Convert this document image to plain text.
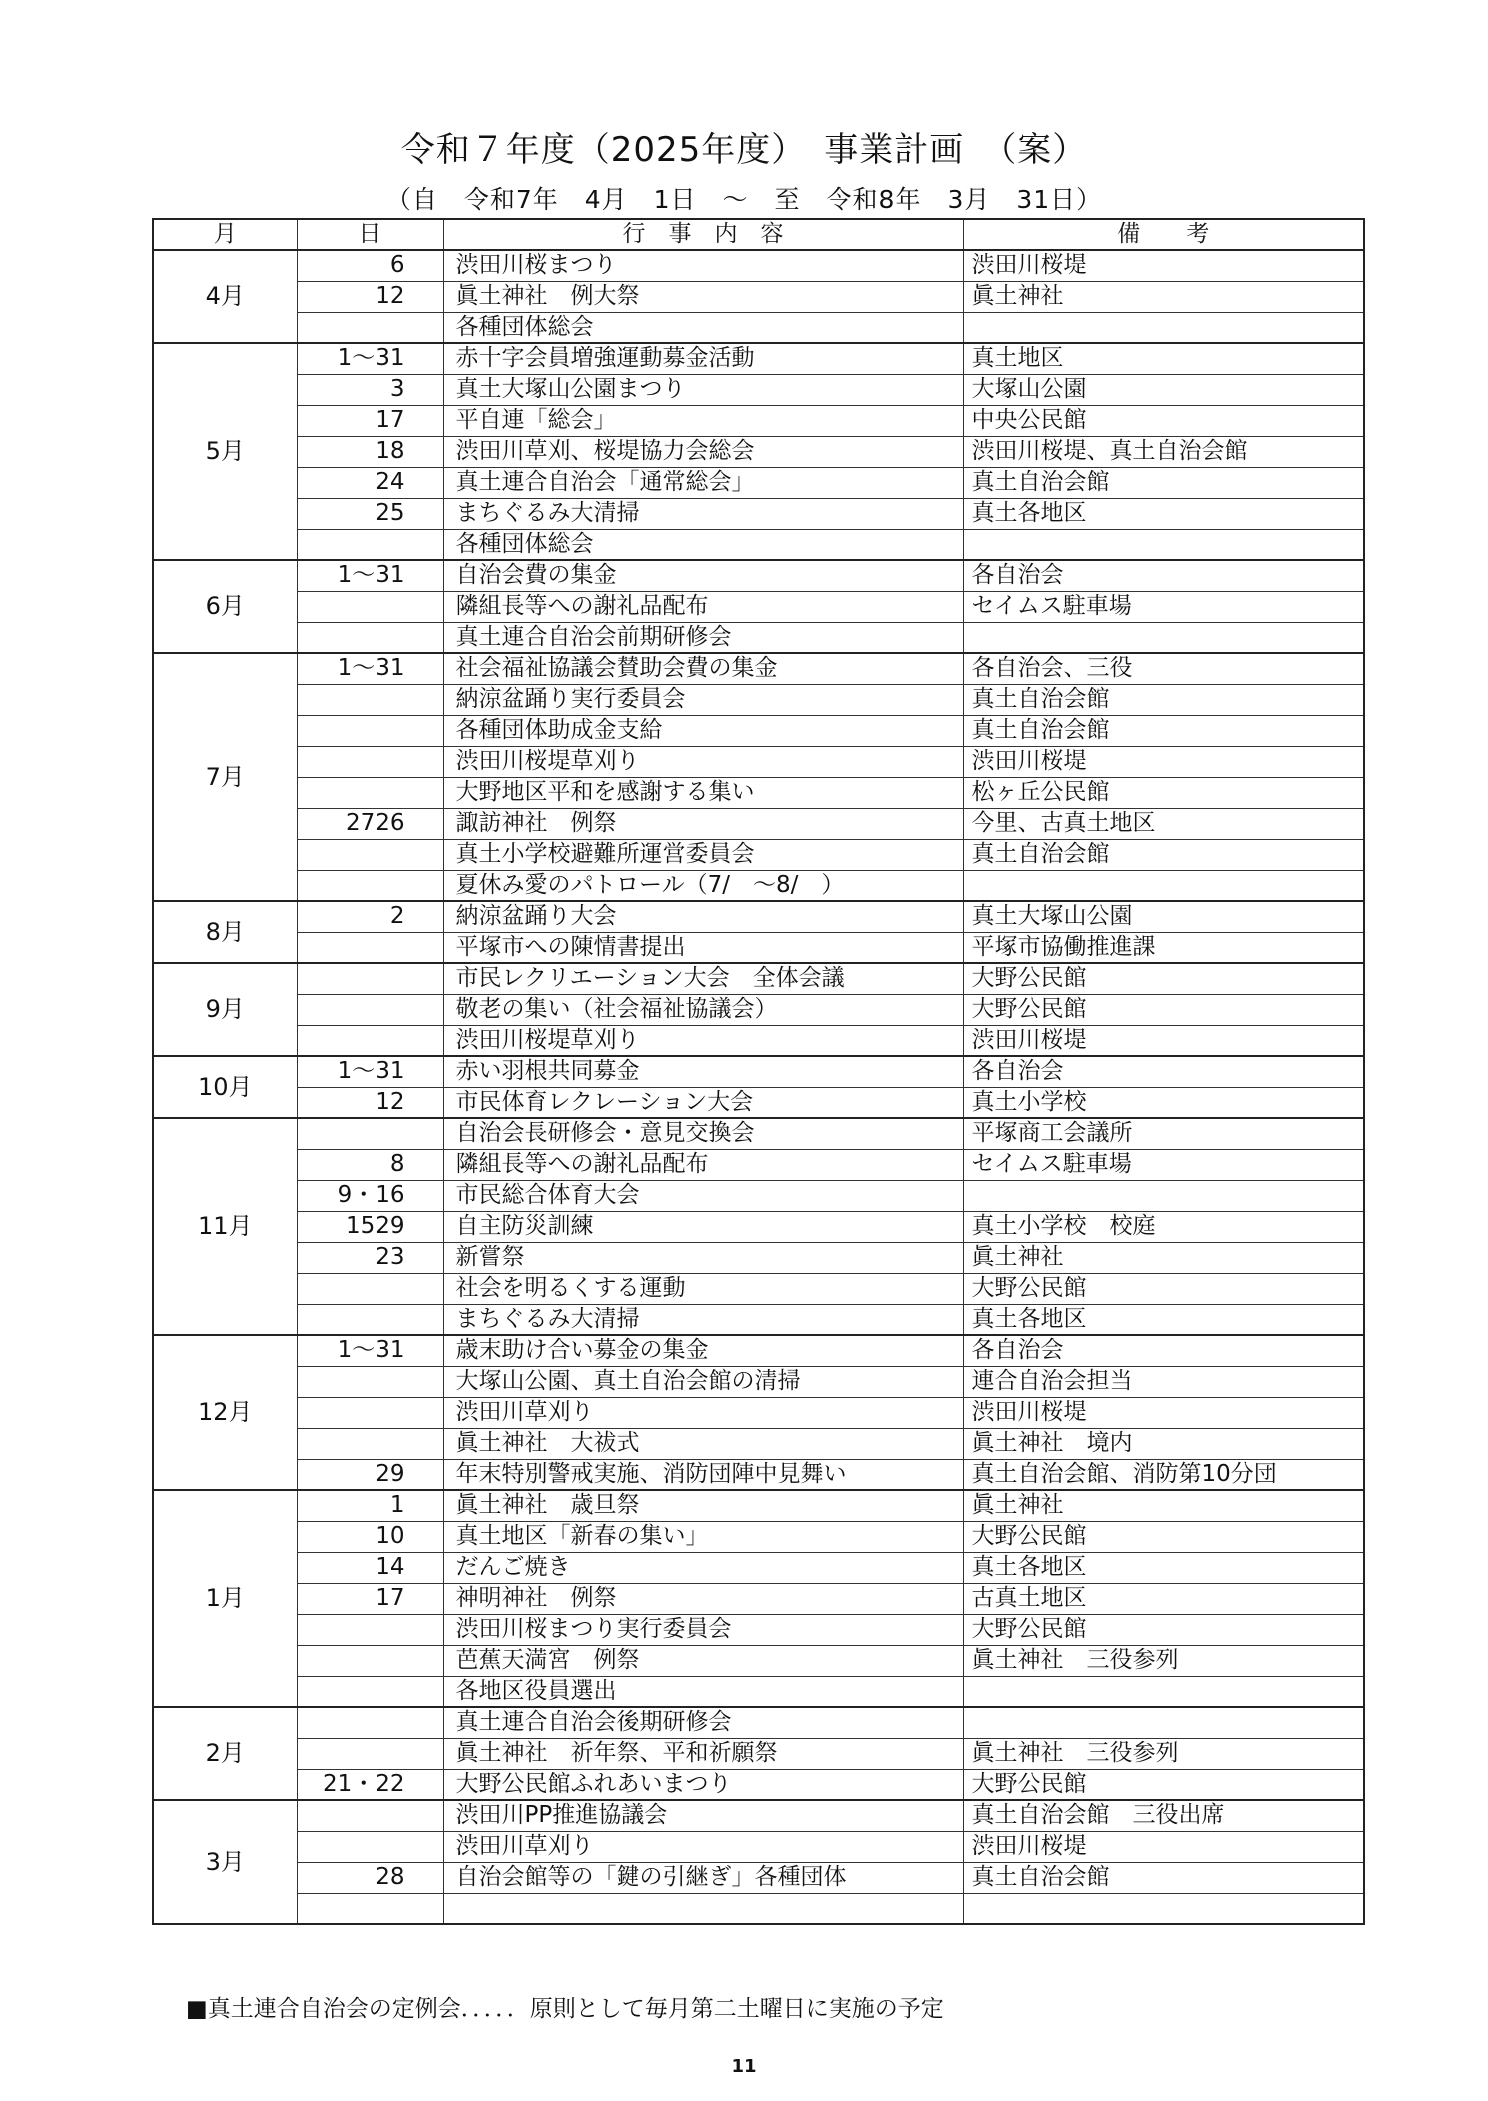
令和７年度（2025年度）　事業計画　（案）
（自　令和7年　4月　1日　～　至　令和8年　3月　31日）
月	日	行　事　内　容	備　　考
4月	6	渋田川桜まつり	渋田川桜堤
	12	眞土神社　例大祭	眞土神社
		各種団体総会	
5月	1～31	赤十字会員増強運動募金活動	真土地区
	3	真土大塚山公園まつり	大塚山公園
	17	平自連「総会」	中央公民館
	18	渋田川草刈、桜堤協力会総会	渋田川桜堤、真土自治会館
	24	真土連合自治会「通常総会」	真土自治会館
	25	まちぐるみ大清掃	真土各地区
		各種団体総会	
6月	1～31	自治会費の集金	各自治会
		隣組長等への謝礼品配布	セイムス駐車場
		真土連合自治会前期研修会	
7月	1～31	社会福祉協議会賛助会費の集金	各自治会、三役
		納涼盆踊り実行委員会	真土自治会館
		各種団体助成金支給	真土自治会館
		渋田川桜堤草刈り	渋田川桜堤
		大野地区平和を感謝する集い	松ヶ丘公民館
	2726	諏訪神社　例祭	今里、古真土地区
		真土小学校避難所運営委員会	真土自治会館
		夏休み愛のパトロール（7/　～8/　）	
8月	2	納涼盆踊り大会	真土大塚山公園
		平塚市への陳情書提出	平塚市協働推進課
9月		市民レクリエーション大会　全体会議	大野公民館
		敬老の集い（社会福祉協議会）	大野公民館
		渋田川桜堤草刈り	渋田川桜堤
10月	1～31	赤い羽根共同募金	各自治会
	12	市民体育レクレーション大会	真土小学校
11月		自治会長研修会・意見交換会	平塚商工会議所
	8	隣組長等への謝礼品配布	セイムス駐車場
	9・16	市民総合体育大会	
	1529	自主防災訓練	真土小学校　校庭
	23	新嘗祭	眞土神社
		社会を明るくする運動	大野公民館
		まちぐるみ大清掃	真土各地区
12月	1～31	歳末助け合い募金の集金	各自治会
		大塚山公園、真土自治会館の清掃	連合自治会担当
		渋田川草刈り	渋田川桜堤
		眞土神社　大祓式	眞土神社　境内
	29	年末特別警戒実施、消防団陣中見舞い	真土自治会館、消防第10分団
1月	1	眞土神社　歳旦祭	眞土神社
	10	真土地区「新春の集い」	大野公民館
	14	だんご焼き	真土各地区
	17	神明神社　例祭	古真土地区
		渋田川桜まつり実行委員会	大野公民館
		芭蕉天満宮　例祭	眞土神社　三役参列
		各地区役員選出	
2月		真土連合自治会後期研修会	
		眞土神社　祈年祭、平和祈願祭	眞土神社　三役参列
	21・22	大野公民館ふれあいまつり	大野公民館
3月		渋田川PP推進協議会	真土自治会館　三役出席
		渋田川草刈り	渋田川桜堤
	28	自治会館等の「鍵の引継ぎ」各種団体	真土自治会館

■真土連合自治会の定例会．．．．．原則として毎月第二土曜日に実施の予定
11
